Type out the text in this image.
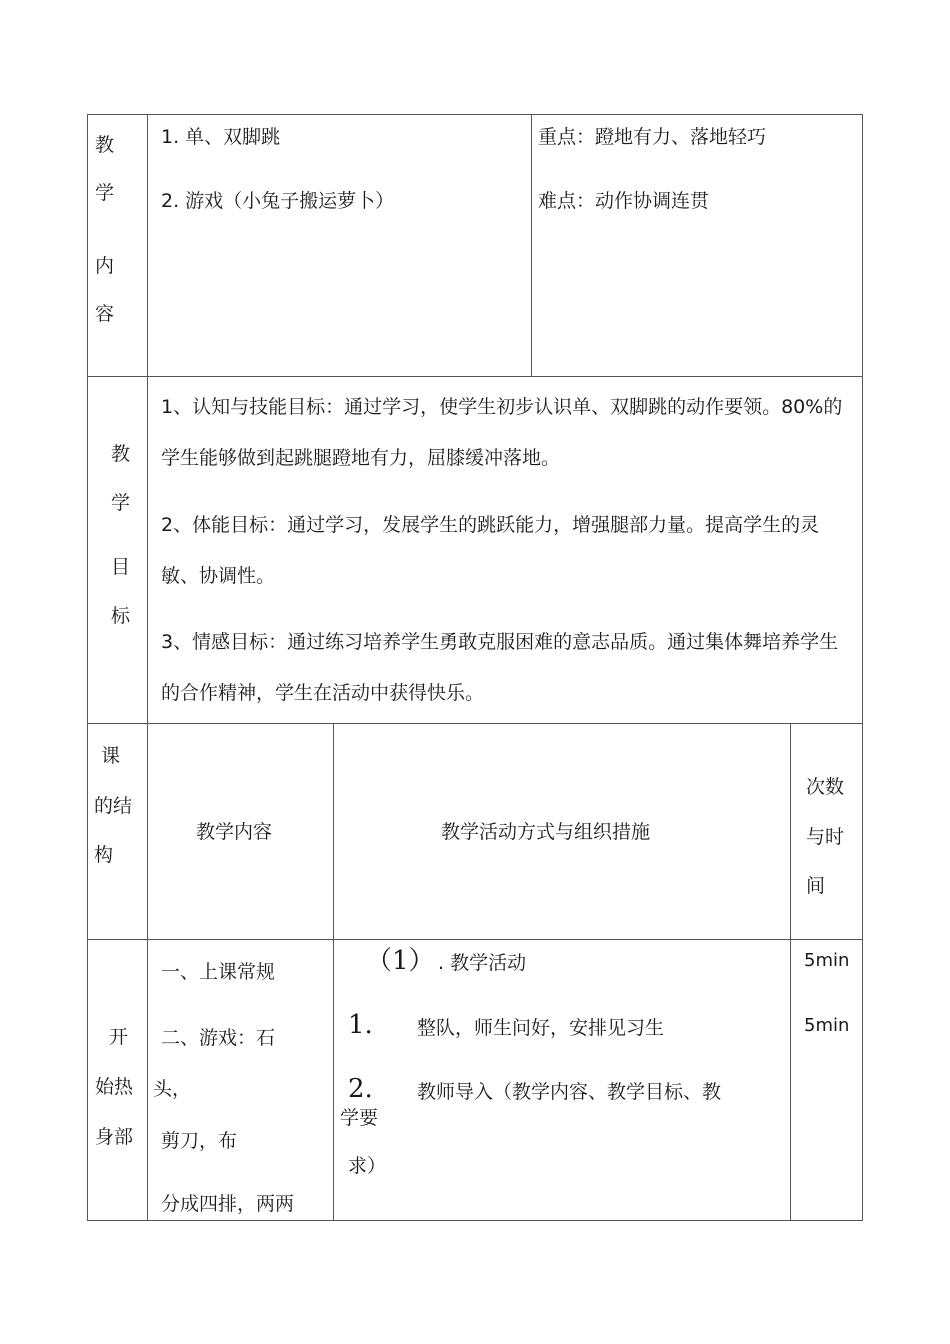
教
学
内
容
1. 单、双脚跳
2. 游戏（小兔子搬运萝卜）
重点：蹬地有力、落地轻巧
难点：动作协调连贯
教
学
目
标
1、认知与技能目标：通过学习，使学生初步认识单、双脚跳的动作要领。80%的学生能够做到起跳腿蹬地有力，屈膝缓冲落地。
2、体能目标：通过学习，发展学生的跳跃能力，增强腿部力量。提高学生的灵敏、协调性。
3、情感目标：通过练习培养学生勇敢克服困难的意志品质。通过集体舞培养学生的合作精神，学生在活动中获得快乐。
课
的结
构
教学内容	教学活动方式与组织措施
次数
与时
间
开
始热
身部
一、上课常规
二、游戏：石
头，
剪刀，布
分成四排，两两
（1） . 教学活动
1. 整队，师生问好，安排见习生
2. 教师导入（教学内容、教学目标、教
学要
求）
5min
5min
